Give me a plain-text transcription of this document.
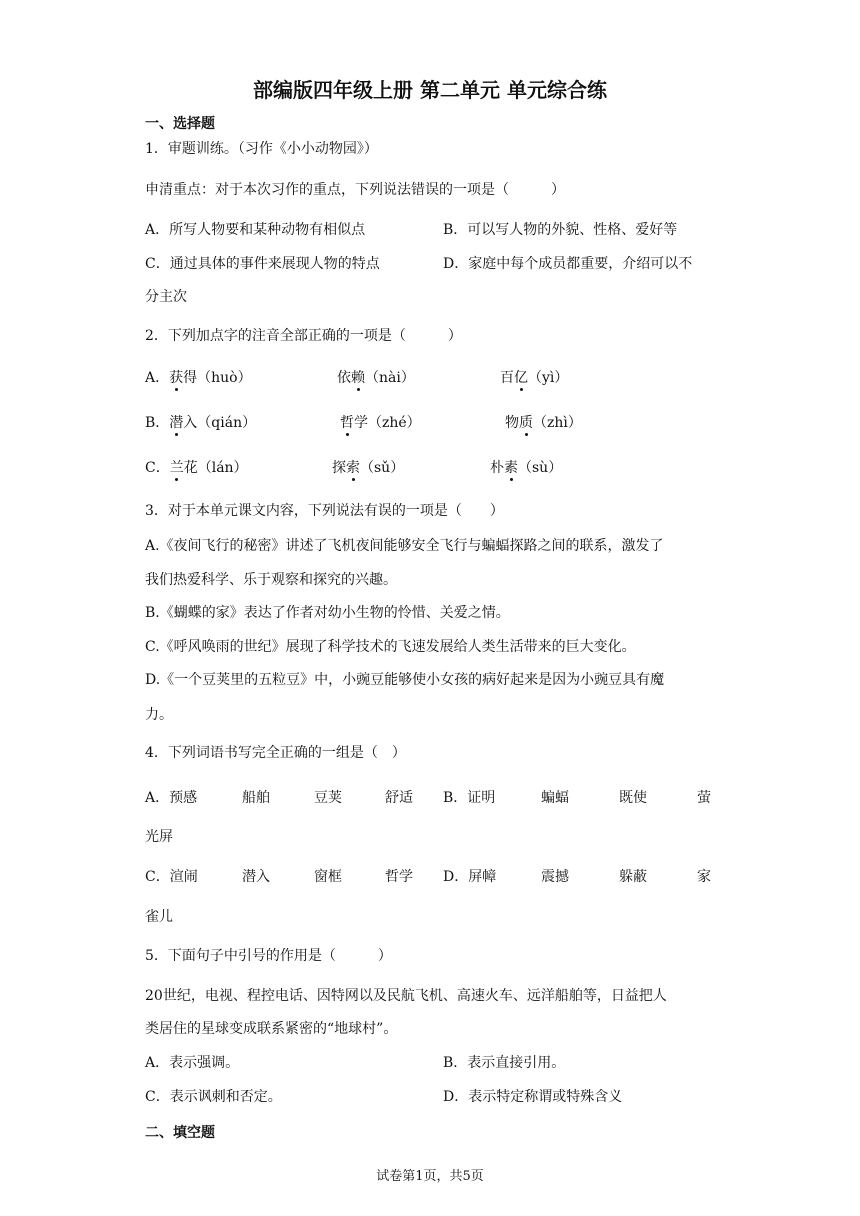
部编版四年级上册 第二单元 单元综合练
一、选择题
1．审题训练。（习作《小小动物园》）
申清重点：对于本次习作的重点，下列说法错误的一项是（　　　）
A．所写人物要和某种动物有相似点	B．可以写人物的外貌、性格、爱好等
C．通过具体的事件来展现人物的特点	D．家庭中每个成员都重要，介绍可以不
分主次
2．下列加点字的注音全部正确的一项是（　　　）
A．获得（huò）	依赖（nài）	百亿（yì）
B．潜入（qián）	哲学（zhé）	物质（zhì）
C．兰花（lán）	探索（sǔ）	朴素（sù）
3．对于本单元课文内容，下列说法有误的一项是（　　）
A.《夜间飞行的秘密》讲述了飞机夜间能够安全飞行与蝙蝠探路之间的联系，激发了
我们热爱科学、乐于观察和探究的兴趣。
B.《蝴蝶的家》表达了作者对幼小生物的怜惜、关爱之情。
C.《呼风唤雨的世纪》展现了科学技术的飞速发展给人类生活带来的巨大变化。
D.《一个豆荚里的五粒豆》中，小豌豆能够使小女孩的病好起来是因为小豌豆具有魔
力。
4．下列词语书写完全正确的一组是（　）
A．预感	船舶	豆荚	舒适 B．证明	蝙蝠	既使	萤
光屏
C．渲闹	潜入	窗框	哲学 D．屏幛	震撼	躲蔽	家
雀儿
5．下面句子中引号的作用是（　　　）
20世纪，电视、程控电话、因特网以及民航飞机、高速火车、远洋船舶等，日益把人
类居住的星球变成联系紧密的“地球村”。
A．表示强调。	B．表示直接引用。
C．表示讽刺和否定。	D．表示特定称谓或特殊含义
二、填空题
试卷第1页，共5页
